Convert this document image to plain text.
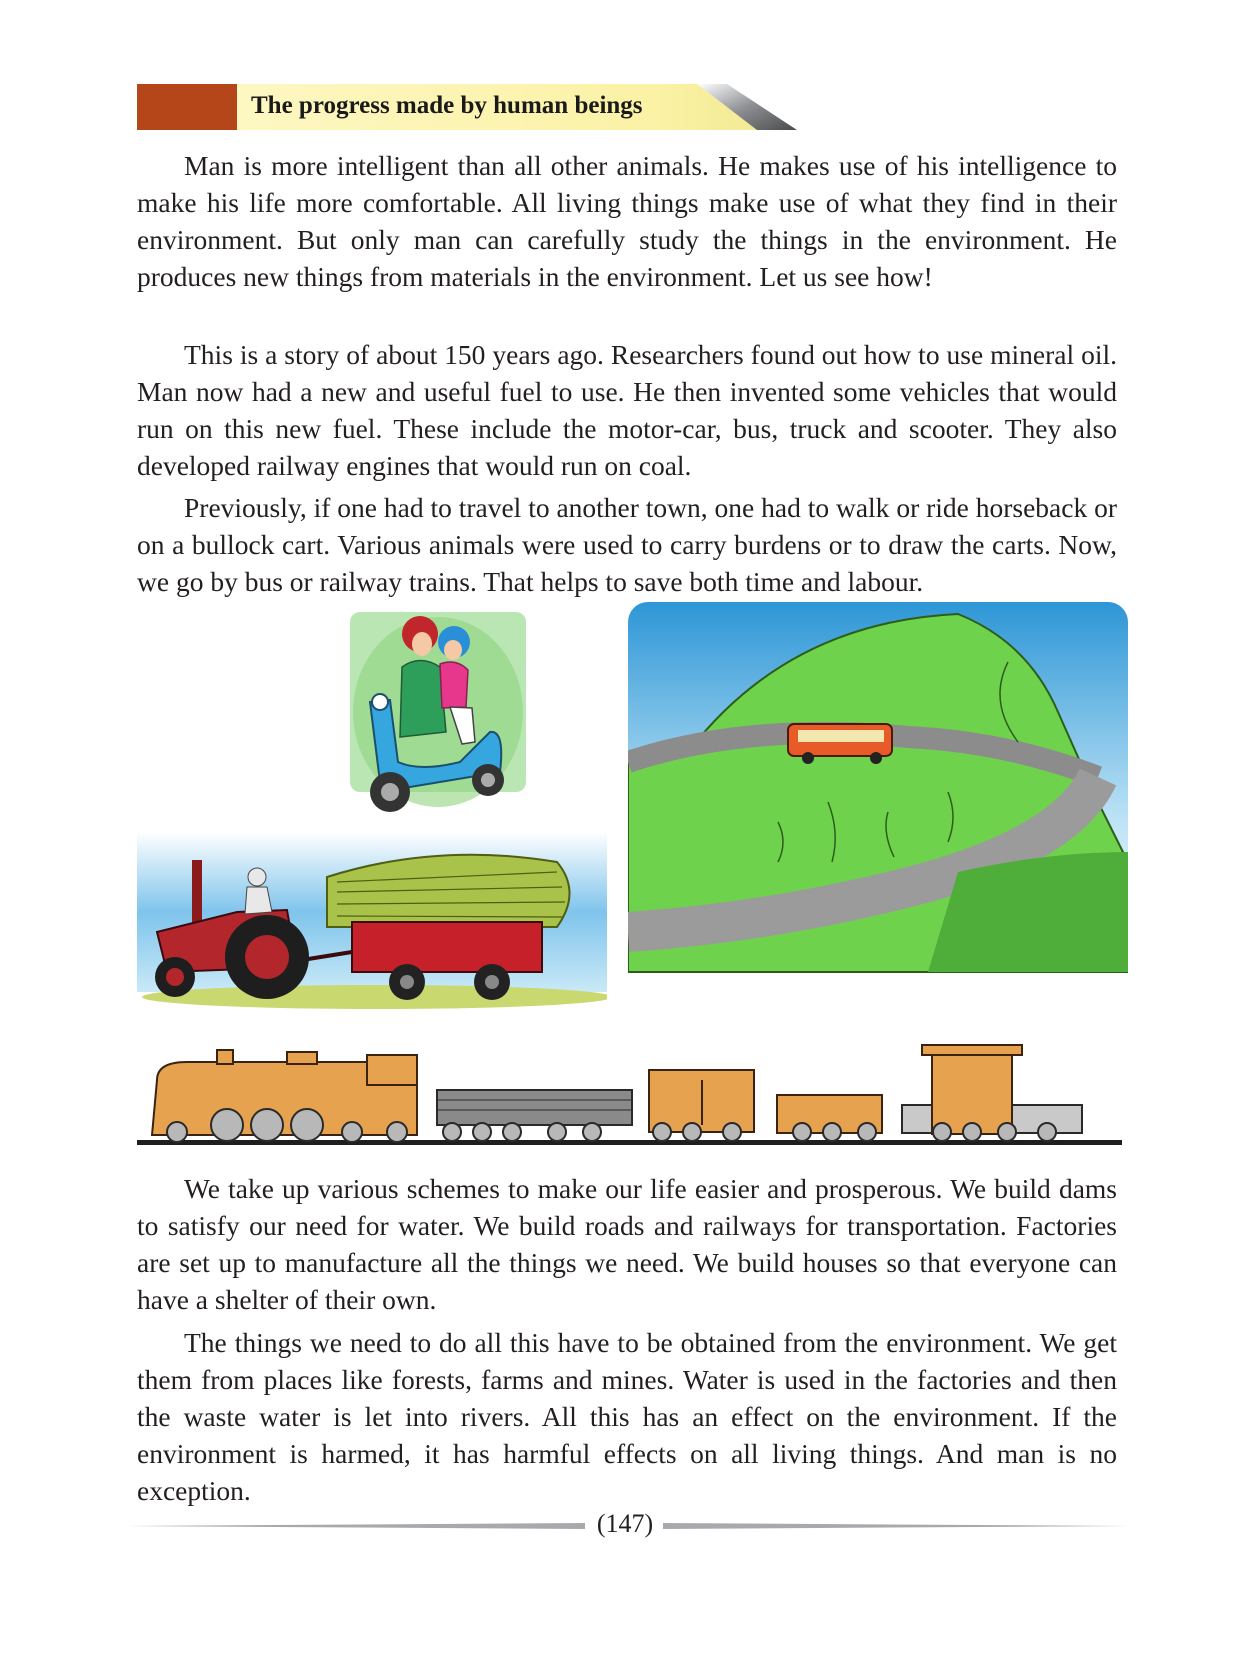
The progress made by human beings

Man is more intelligent than all other animals. He makes use of his intelligence to make his life more comfortable. All living things make use of what they find in their environment. But only man can carefully study the things in the environment. He produces new things from materials in the environment. Let us see how!

This is a story of about 150 years ago. Researchers found out how to use mineral oil. Man now had a new and useful fuel to use. He then invented some vehicles that would run on this new fuel. These include the motor-car, bus, truck and scooter. They also developed railway engines that would run on coal.

Previously, if one had to travel to another town, one had to walk or ride horseback or on a bullock cart. Various animals were used to carry burdens or to draw the carts. Now, we go by bus or railway trains. That helps to save both time and labour.

We take up various schemes to make our life easier and prosperous. We build dams to satisfy our need for water. We build roads and railways for transportation. Factories are set up to manufacture all the things we need. We build houses so that everyone can have a shelter of their own.

The things we need to do all this have to be obtained from the environment. We get them from places like forests, farms and mines. Water is used in the factories and then the waste water is let into rivers. All this has an effect on the environment. If the environment is harmed, it has harmful effects on all living things. And man is no exception.

(147)
